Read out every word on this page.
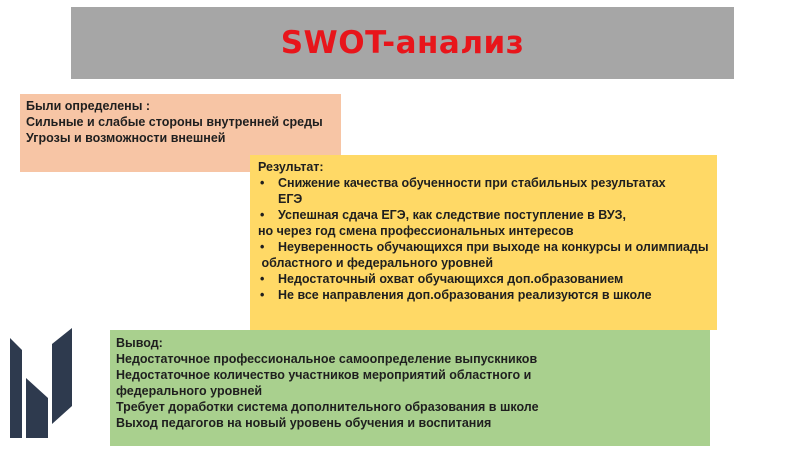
SWOT-анализ
Были определены :
Сильные и слабые стороны внутренней среды
Угрозы и возможности внешней
Результат:
•	Снижение качества обученности при стабильных результатах ЕГЭ
•	Успешная сдача ЕГЭ, как следствие поступление в ВУЗ,
но через год смена профессиональных интересов
•	Неуверенность обучающихся при выходе на конкурсы и олимпиады
областного и федерального уровней
•	Недостаточный охват обучающихся доп.образованием
•	Не все направления доп.образования реализуются в школе
Вывод:
Недостаточное профессиональное самоопределение выпускников
Недостаточное количество участников мероприятий областного и федерального уровней
Требует доработки система дополнительного образования в школе
Выход педагогов на новый уровень обучения и воспитания
